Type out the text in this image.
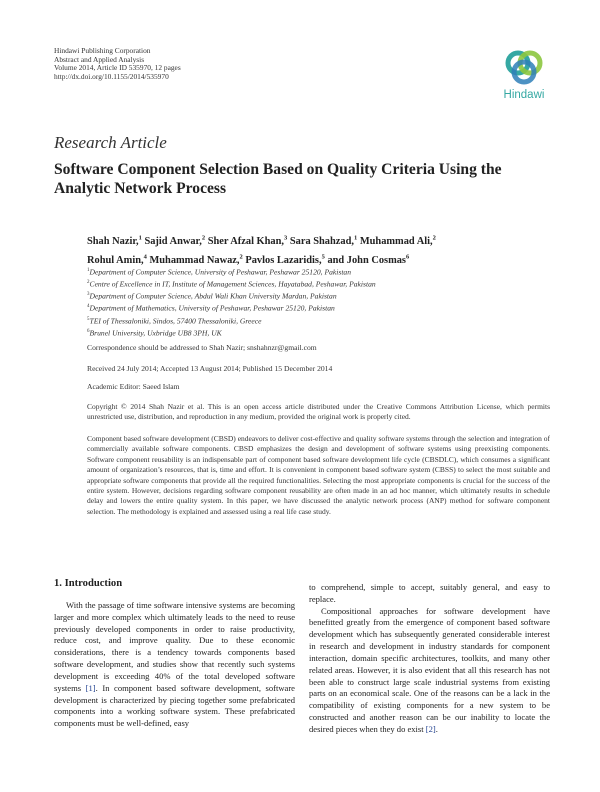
Hindawi Publishing Corporation
Abstract and Applied Analysis
Volume 2014, Article ID 535970, 12 pages
http://dx.doi.org/10.1155/2014/535970
Hindawi
Research Article
Software Component Selection Based on Quality Criteria Using the Analytic Network Process
Shah Nazir,$^1$ Sajid Anwar,$^2$ Sher Afzal Khan,$^3$ Sara Shahzad,$^1$ Muhammad Ali,$^2$
Rohul Amin,$^4$ Muhammad Nawaz,$^2$ Pavlos Lazaridis,$^5$ and John Cosmas$^6$
$^1$Department of Computer Science, University of Peshawar, Peshawar 25120, Pakistan
$^2$Centre of Excellence in IT, Institute of Management Sciences, Hayatabad, Peshawar, Pakistan
$^3$Department of Computer Science, Abdul Wali Khan University Mardan, Pakistan
$^4$Department of Mathematics, University of Peshawar, Peshawar 25120, Pakistan
$^5$TEI of Thessaloniki, Sindos, 57400 Thessaloniki, Greece
$^6$Brunel University, Uxbridge UB8 3PH, UK
Correspondence should be addressed to Shah Nazir; snshahnzr@gmail.com
Received 24 July 2014; Accepted 13 August 2014; Published 15 December 2014
Academic Editor: Saeed Islam
Copyright © 2014 Shah Nazir et al. This is an open access article distributed under the Creative Commons Attribution License, which permits unrestricted use, distribution, and reproduction in any medium, provided the original work is properly cited.
Component based software development (CBSD) endeavors to deliver cost-effective and quality software systems through the selection and integration of commercially available software components. CBSD emphasizes the design and development of software systems using preexisting components. Software component reusability is an indispensable part of component based software development life cycle (CBSDLC), which consumes a significant amount of organization’s resources, that is, time and effort. It is convenient in component based software system (CBSS) to select the most suitable and appropriate software components that provide all the required functionalities. Selecting the most appropriate components is crucial for the success of the entire system. However, decisions regarding software component reusability are often made in an ad hoc manner, which ultimately results in schedule delay and lowers the entire quality system. In this paper, we have discussed the analytic network process (ANP) method for software component selection. The methodology is explained and assessed using a real life case study.
1. Introduction

With the passage of time software intensive systems are becoming larger and more complex which ultimately leads to the need to reuse previously developed components in order to raise productivity, reduce cost, and improve quality. Due to these economic considerations, there is a tendency towards components based software development, and studies show that recently such systems development is exceeding 40% of the total developed software systems [1]. In component based software development, software development is characterized by piecing together some prefabricated components into a working software system. These prefabricated components must be well-defined, easy

to comprehend, simple to accept, suitably general, and easy to replace.

Compositional approaches for software development have benefitted greatly from the emergence of component based software development which has subsequently generated considerable interest in research and development in industry standards for component interaction, domain specific architectures, toolkits, and many other related areas. However, it is also evident that all this research has not been able to construct large scale industrial systems from existing parts on an economical scale. One of the reasons can be a lack in the compatibility of existing components for a new system to be constructed and another reason can be our inability to locate the desired pieces when they do exist [2].
